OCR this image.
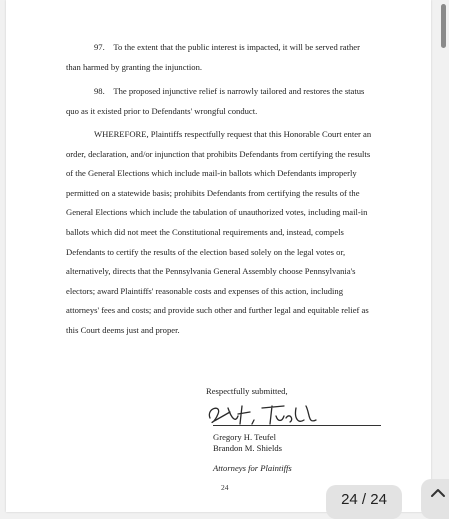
97.    To the extent that the public interest is impacted, it will be served rather than harmed by granting the injunction.

98.    The proposed injunctive relief is narrowly tailored and restores the status quo as it existed prior to Defendants' wrongful conduct.

WHEREFORE, Plaintiffs respectfully request that this Honorable Court enter an order, declaration, and/or injunction that prohibits Defendants from certifying the results of the General Elections which include mail-in ballots which Defendants improperly permitted on a statewide basis; prohibits Defendants from certifying the results of the General Elections which include the tabulation of unauthorized votes, including mail-in ballots which did not meet the Constitutional requirements and, instead, compels Defendants to certify the results of the election based solely on the legal votes or, alternatively, directs that the Pennsylvania General Assembly choose Pennsylvania's electors; award Plaintiffs' reasonable costs and expenses of this action, including attorneys' fees and costs; and provide such other and further legal and equitable relief as this Court deems just and proper.

Respectfully submitted,
Gregory H. Teufel
Brandon M. Shields
Attorneys for Plaintiffs
24
24 / 24
